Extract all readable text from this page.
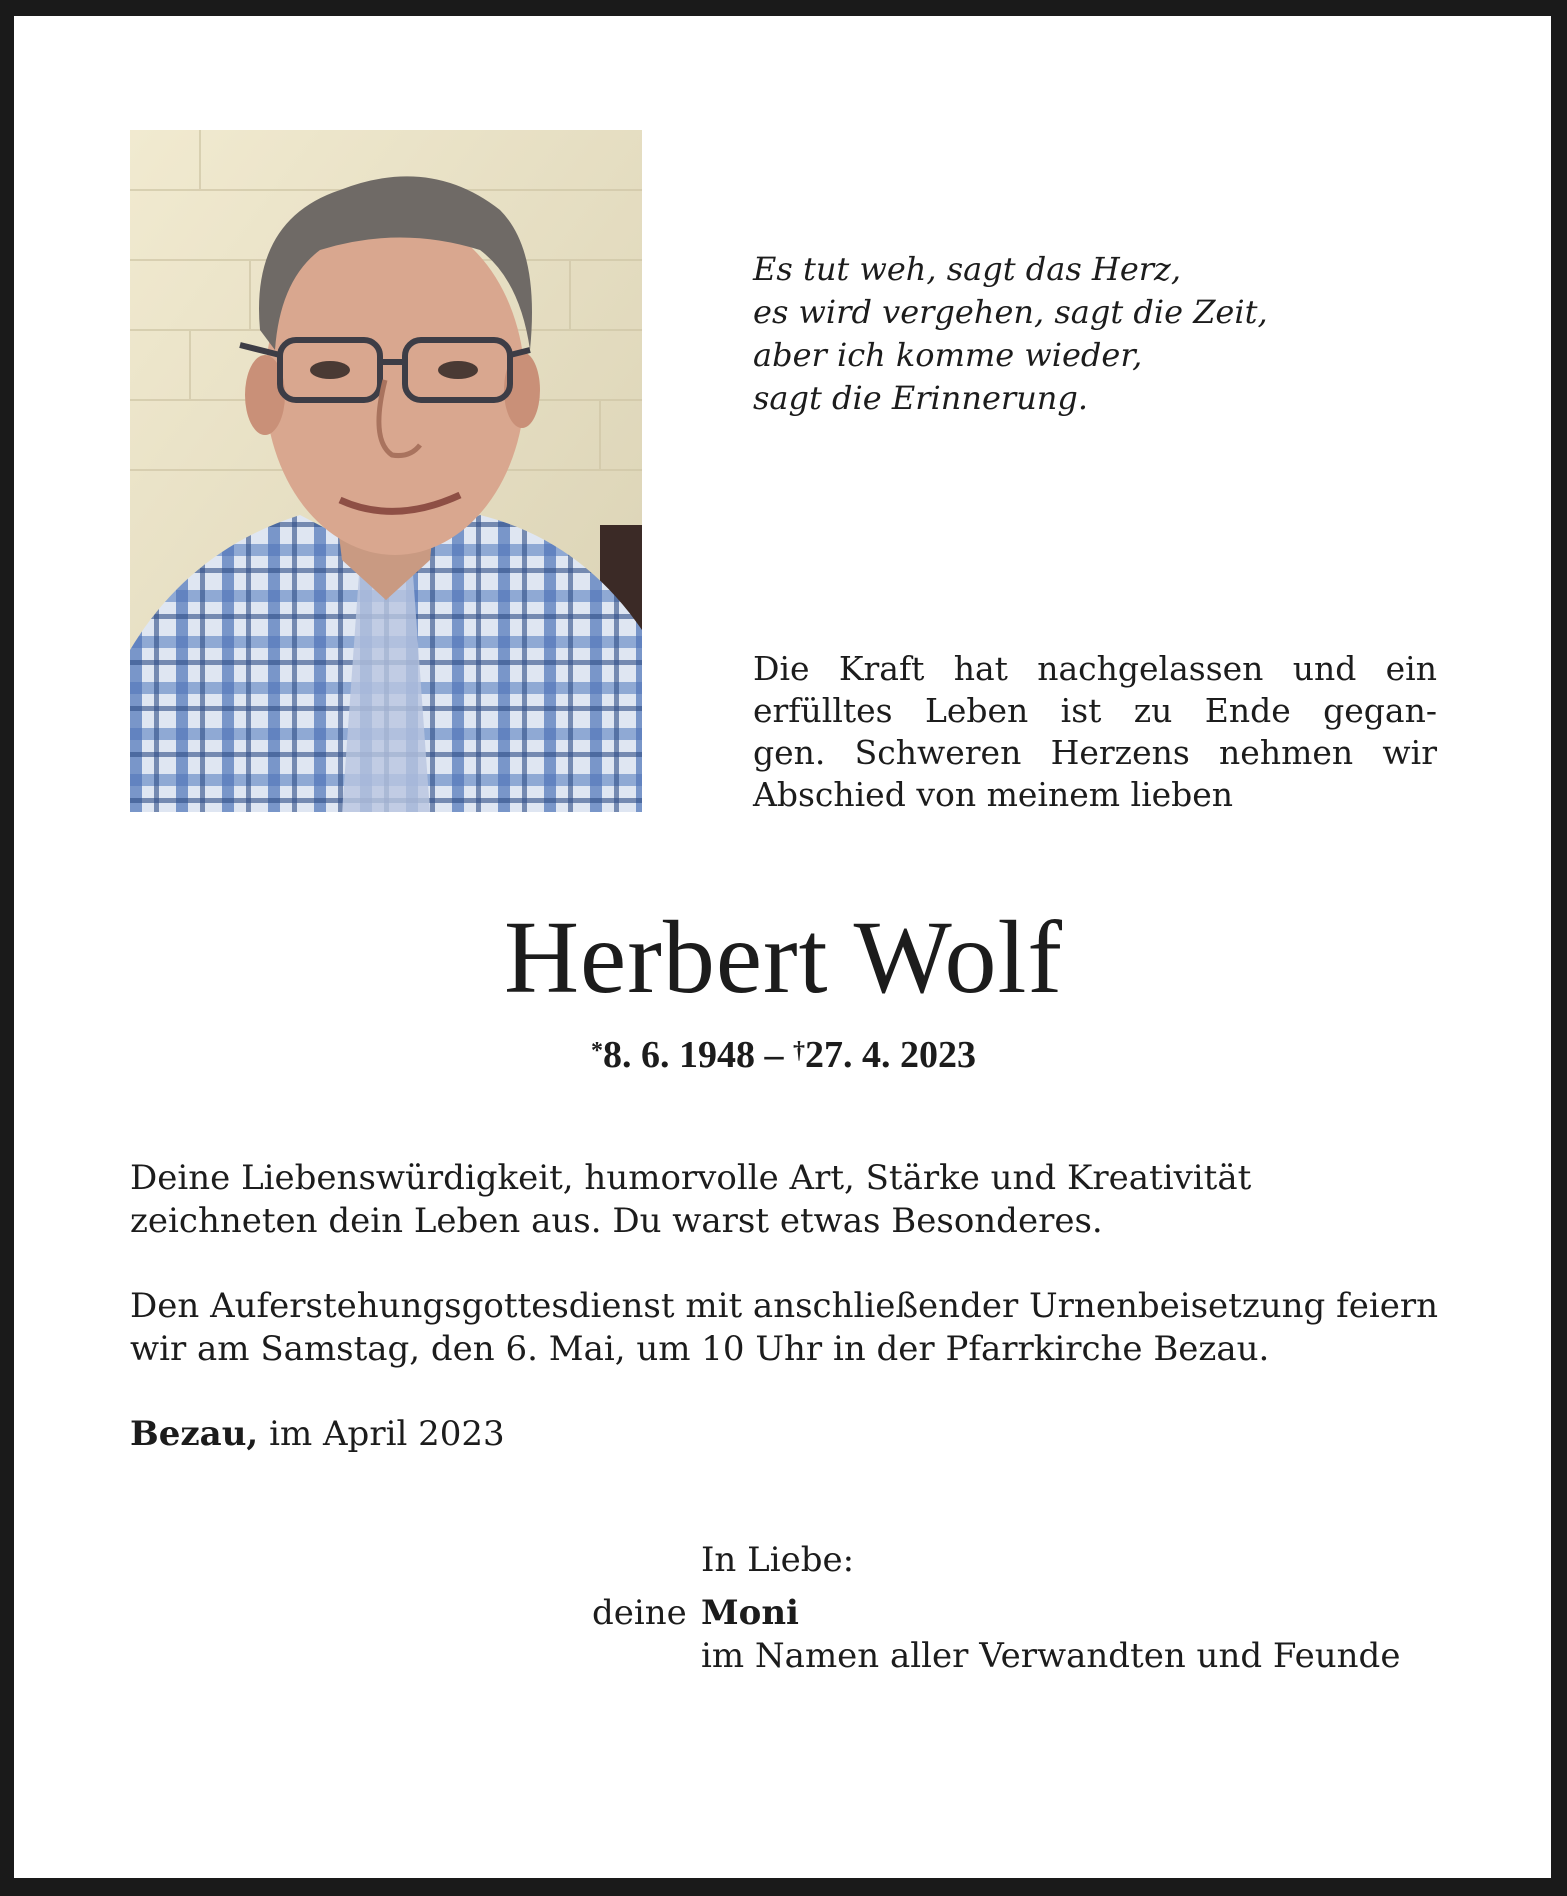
Es tut weh, sagt das Herz,
es wird vergehen, sagt die Zeit,
aber ich komme wieder,
sagt die Erinnerung.
Die Kraft hat nachgelassen und ein
erfülltes Leben ist zu Ende gegan-
gen. Schweren Herzens nehmen wir
Abschied von meinem lieben
Herbert Wolf
*8. 6. 1948 – †27. 4. 2023
Deine Liebenswürdigkeit, humorvolle Art, Stärke und Kreativität zeichneten dein Leben aus. Du warst etwas Besonderes.
Den Auferstehungsgottesdienst mit anschließender Urnenbeisetzung feiern wir am Samstag, den 6. Mai, um 10 Uhr in der Pfarrkirche Bezau.
Bezau, im April 2023
In Liebe:
deine Moni
im Namen aller Verwandten und Feunde
